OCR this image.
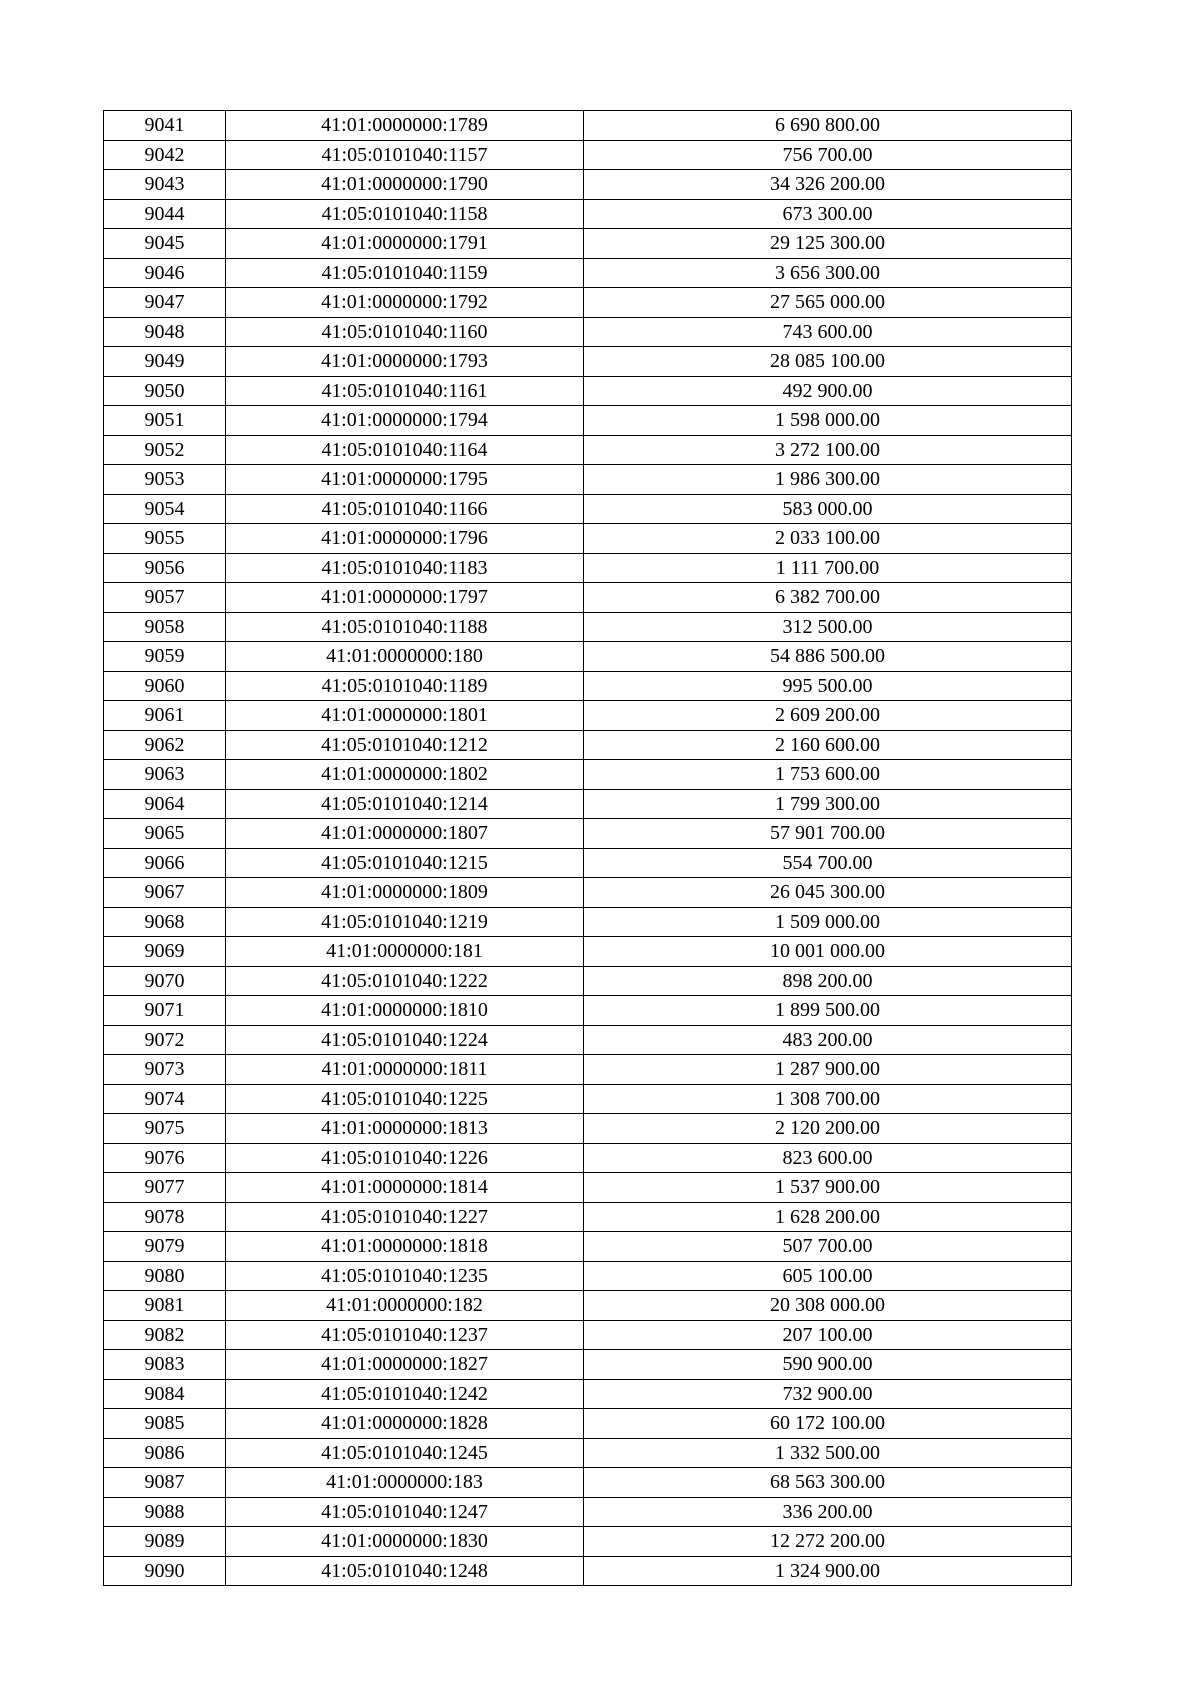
9041	41:01:0000000:1789	6 690 800.00
9042	41:05:0101040:1157	756 700.00
9043	41:01:0000000:1790	34 326 200.00
9044	41:05:0101040:1158	673 300.00
9045	41:01:0000000:1791	29 125 300.00
9046	41:05:0101040:1159	3 656 300.00
9047	41:01:0000000:1792	27 565 000.00
9048	41:05:0101040:1160	743 600.00
9049	41:01:0000000:1793	28 085 100.00
9050	41:05:0101040:1161	492 900.00
9051	41:01:0000000:1794	1 598 000.00
9052	41:05:0101040:1164	3 272 100.00
9053	41:01:0000000:1795	1 986 300.00
9054	41:05:0101040:1166	583 000.00
9055	41:01:0000000:1796	2 033 100.00
9056	41:05:0101040:1183	1 111 700.00
9057	41:01:0000000:1797	6 382 700.00
9058	41:05:0101040:1188	312 500.00
9059	41:01:0000000:180	54 886 500.00
9060	41:05:0101040:1189	995 500.00
9061	41:01:0000000:1801	2 609 200.00
9062	41:05:0101040:1212	2 160 600.00
9063	41:01:0000000:1802	1 753 600.00
9064	41:05:0101040:1214	1 799 300.00
9065	41:01:0000000:1807	57 901 700.00
9066	41:05:0101040:1215	554 700.00
9067	41:01:0000000:1809	26 045 300.00
9068	41:05:0101040:1219	1 509 000.00
9069	41:01:0000000:181	10 001 000.00
9070	41:05:0101040:1222	898 200.00
9071	41:01:0000000:1810	1 899 500.00
9072	41:05:0101040:1224	483 200.00
9073	41:01:0000000:1811	1 287 900.00
9074	41:05:0101040:1225	1 308 700.00
9075	41:01:0000000:1813	2 120 200.00
9076	41:05:0101040:1226	823 600.00
9077	41:01:0000000:1814	1 537 900.00
9078	41:05:0101040:1227	1 628 200.00
9079	41:01:0000000:1818	507 700.00
9080	41:05:0101040:1235	605 100.00
9081	41:01:0000000:182	20 308 000.00
9082	41:05:0101040:1237	207 100.00
9083	41:01:0000000:1827	590 900.00
9084	41:05:0101040:1242	732 900.00
9085	41:01:0000000:1828	60 172 100.00
9086	41:05:0101040:1245	1 332 500.00
9087	41:01:0000000:183	68 563 300.00
9088	41:05:0101040:1247	336 200.00
9089	41:01:0000000:1830	12 272 200.00
9090	41:05:0101040:1248	1 324 900.00
